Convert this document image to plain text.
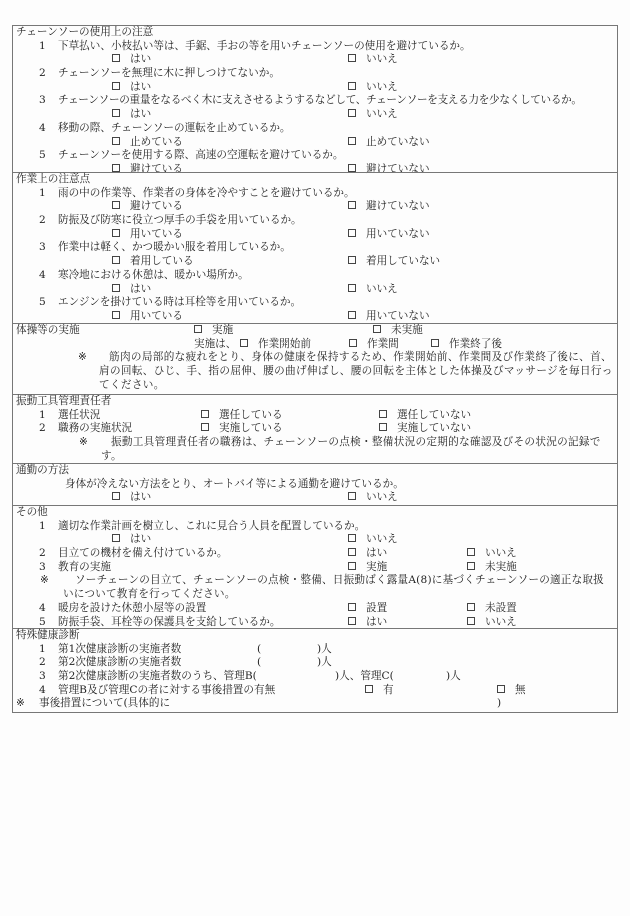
チェーンソーの使用上の注意
1 下草払い、小枝払い等は、手鋸、手おの等を用いチェーンソーの使用を避けているか。
はい	いいえ
2 チェーンソーを無理に木に押しつけてないか。
はい	いいえ
3 チェーンソーの重量をなるべく木に支えさせるようするなどして、チェーンソーを支える力を少なくしているか。
はい	いいえ
4 移動の際、チェーンソーの運転を止めているか。
止めている	止めていない
5 チェーンソーを使用する際、高速の空運転を避けているか。
避けている	避けていない
作業上の注意点
1 雨の中の作業等、作業者の身体を冷やすことを避けているか。
避けている	避けていない
2 防振及び防寒に役立つ厚手の手袋を用いているか。
用いている	用いていない
3 作業中は軽く、かつ暖かい服を着用しているか。
着用している	着用していない
4 寒冷地における休憩は、暖かい場所か。
はい	いいえ
5 エンジンを掛けている時は耳栓等を用いているか。
用いている	用いていない
体操等の実施	実施	未実施
実施は、	作業開始前	作業間	作業終了後
※	筋肉の局部的な疲れをとり、身体の健康を保持するため、作業開始前、作業間及び作業終了後に、首、肩の回転、ひじ、手、指の屈伸、腰の曲げ伸ばし、腰の回転を主体とした体操及びマッサージを毎日行ってください。
振動工具管理責任者
1 選任状況	選任している	選任していない
2 職務の実施状況	実施している	実施していない
※	振動工具管理責任者の職務は、チェーンソーの点検・整備状況の定期的な確認及びその状況の記録です。
通勤の方法
身体が冷えない方法をとり、オートバイ等による通勤を避けているか。
はい	いいえ
その他
1 適切な作業計画を樹立し、これに見合う人員を配置しているか。
はい	いいえ
2 目立ての機材を備え付けているか。	はい	いいえ
3 教育の実施	実施	未実施
※	ソーチェーンの目立て、チェーンソーの点検・整備、日振動ばく露量A(8)に基づくチェーンソーの適正な取扱いについて教育を行ってください。
4 暖房を設けた休憩小屋等の設置	設置	未設置
5 防振手袋、耳栓等の保護具を支給しているか。	はい	いいえ
特殊健康診断
1 第1次健康診断の実施者数	(	)人
2 第2次健康診断の実施者数	(	)人
3 第2次健康診断の実施者数のうち、管理B(	)人、管理C(	)人
4 管理B及び管理Cの者に対する事後措置の有無	有	無
※ 事後措置について(具体的に	)
